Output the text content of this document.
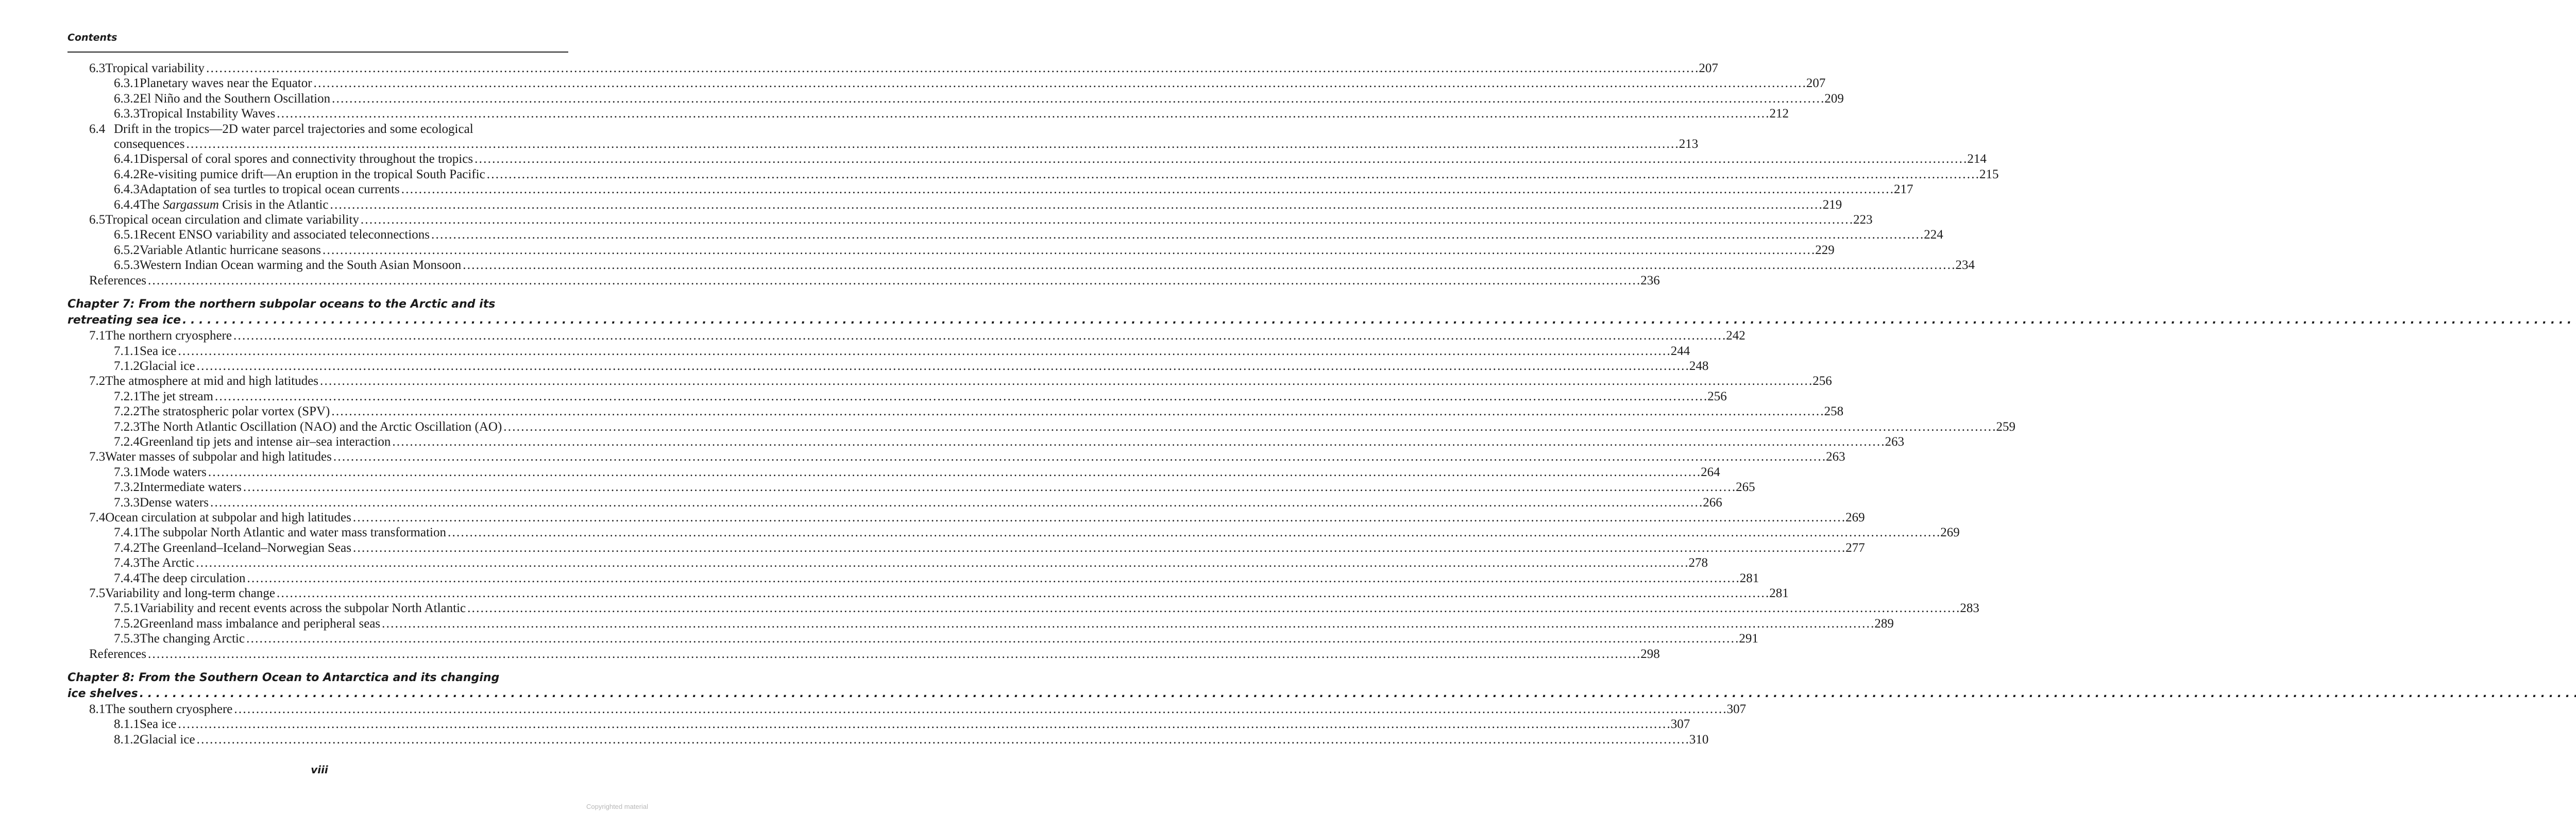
Contents
6.3 Tropical variability . . .	207
6.3.1 Planetary waves near the Equator . . .	207
6.3.2 El Niño and the Southern Oscillation . . .	209
6.3.3 Tropical Instability Waves . . .	212
6.4 Drift in the tropics—2D water parcel trajectories and some ecological
consequences . . .	213
6.4.1 Dispersal of coral spores and connectivity throughout the tropics . . .	214
6.4.2 Re-visiting pumice drift—An eruption in the tropical South Pacific . . .	215
6.4.3 Adaptation of sea turtles to tropical ocean currents . . .	217
6.4.4 The Sargassum Crisis in the Atlantic . . .	219
6.5 Tropical ocean circulation and climate variability . . .	223
6.5.1 Recent ENSO variability and associated teleconnections . . .	224
6.5.2 Variable Atlantic hurricane seasons . . .	229
6.5.3 Western Indian Ocean warming and the South Asian Monsoon . . .	234
References . . .	236
Chapter 7: From the northern subpolar oceans to the Arctic and its
retreating sea ice
. . .
7.1 The northern cryosphere . . .	242
7.1.1 Sea ice . . .	244
7.1.2 Glacial ice . . .	248
7.2 The atmosphere at mid and high latitudes . . .	256
7.2.1 The jet stream . . .	256
7.2.2 The stratospheric polar vortex (SPV) . . .	258
7.2.3 The North Atlantic Oscillation (NAO) and the Arctic Oscillation (AO) . . .	259
7.2.4 Greenland tip jets and intense air–sea interaction . . .	263
7.3 Water masses of subpolar and high latitudes . . .	263
7.3.1 Mode waters . . .	264
7.3.2 Intermediate waters . . .	265
7.3.3 Dense waters . . .	266
7.4 Ocean circulation at subpolar and high latitudes . . .	269
7.4.1 The subpolar North Atlantic and water mass transformation . . .	269
7.4.2 The Greenland–Iceland–Norwegian Seas . . .	277
7.4.3 The Arctic . . .	278
7.4.4 The deep circulation . . .	281
7.5 Variability and long-term change . . .	281
7.5.1 Variability and recent events across the subpolar North Atlantic . . .	283
7.5.2 Greenland mass imbalance and peripheral seas . . .	289
7.5.3 The changing Arctic . . .	291
References . . .	298
Chapter 8: From the Southern Ocean to Antarctica and its changing
ice shelves
. . .
8.1 The southern cryosphere . . .	307
8.1.1 Sea ice . . .	307
8.1.2 Glacial ice . . .	310
viii
Copyrighted material
